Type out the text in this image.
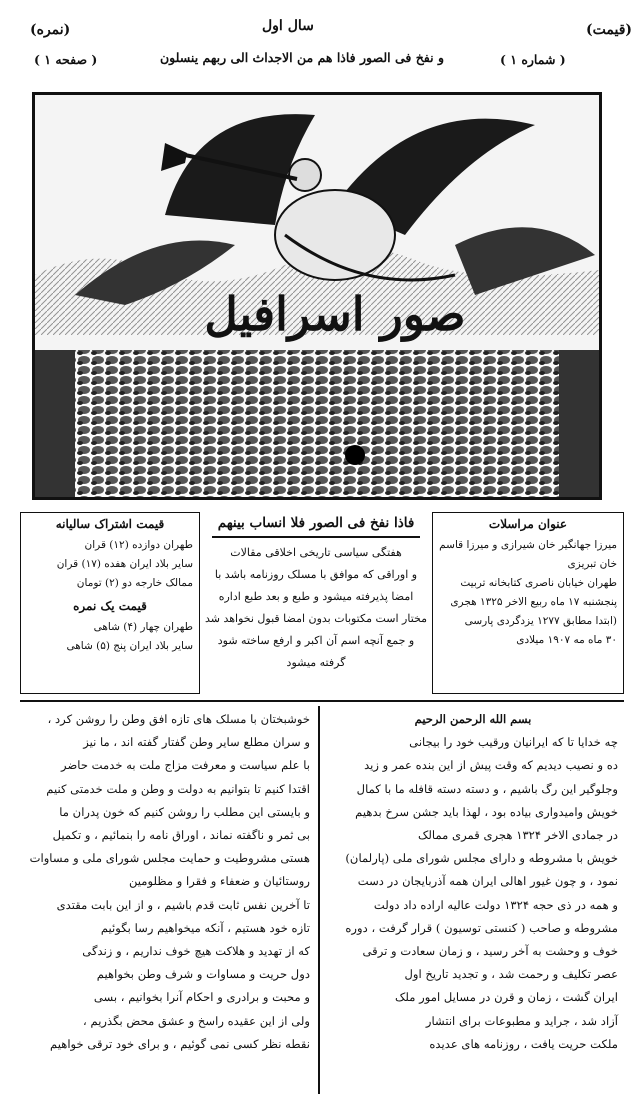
(قیمت)
سال اول
(نمره)
( شماره ۱ )
و نفخ فی الصور فاذا هم من الاجداث الی ربهم ینسلون
( صفحه ۱ )
صور اسرافیل
قیمت اشتراک سالیانه
طهران دوازده (۱۲) قران
سایر بلاد ایران هفده (۱۷) قران
ممالک خارجه دو (۲) تومان
قیمت یک نمره
طهران چهار (۴) شاهی
سایر بلاد ایران پنج (۵) شاهی
فاذا نفخ فی الصور فلا انساب بینهم
هفتگی سیاسی تاریخی اخلاقی مقالات
و اوراقی که موافق با مسلک روزنامه باشد با
امضا پذیرفته میشود و طبع و بعد طبع اداره
مختار است مکتوبات بدون امضا قبول نخواهد شد
و جمع آنچه اسم آن اکبر و ارفع ساخته شود گرفته میشود
عنوان مراسلات
میرزا جهانگیر خان شیرازی و میرزا قاسم
خان تبریزی
طهران خیابان ناصری کتابخانه تربیت
پنجشنبه ۱۷ ماه ربیع الاخر ۱۳۲۵ هجری
(ابتدا مطابق ۱۲۷۷ یزدگردی پارسی
۳۰ ماه مه ۱۹۰۷ میلادی
بسم الله الرحمن الرحیم

چه خدایا تا که ایرانیان ورقیب خود را بیجانی

ده و نصیب دیدیم که وقت پیش از این بنده عمر و زید

وجلوگیر این رگ باشیم ، و دسته دسته قافله ما با کمال

خویش وامیدواری بیاده بود ، لهذا باید جشن سرخ بدهیم

در جمادی الاخر ۱۳۲۴ هجری قمری ممالک

خویش با مشروطه و دارای مجلس شورای ملی (پارلمان)

نمود ، و چون غیور اهالی ایران همه آذربایجان در دست

و همه در ذی حجه ۱۳۲۴ دولت عالیه اراده داد دولت

مشروطه و صاحب ( کنستی توسیون ) قرار گرفت ، دوره

خوف و وحشت به آخر رسید ، و زمان سعادت و ترقی

عصر تکلیف و رحمت شد ، و تجدید تاریخ اول

ایران گشت ، زمان و قرن در مسایل امور ملک

آزاد شد ، جراید و مطبوعات برای انتشار

ملکت حریت یافت ، روزنامه های عدیده

خوشبختان با مسلک های تازه افق وطن را روشن کرد ،

و سران مطلع سایر وطن گفتار گفته اند ، ما نیز

با علم سیاست و معرفت مزاج ملت به خدمت حاضر

اقتدا کنیم تا بتوانیم به دولت و وطن و ملت خدمتی کنیم

و بایستی این مطلب را روشن کنیم که خون پدران ما

بی ثمر و ناگفته نماند ، اوراق نامه را بنمائیم ، و تکمیل

هستی مشروطیت و حمایت مجلس شورای ملی و مساوات

روستائیان و ضعفاء و فقرا و مظلومین

تا آخرین نفس ثابت قدم باشیم ، و از این بابت مقتدی

تازه خود هستیم ، آنکه میخواهیم رسا بگوئیم

که از تهدید و هلاکت هیچ خوف نداریم ، و زندگی

دول حریت و مساوات و شرف وطن بخواهیم

و محبت و برادری و احکام آنرا بخوانیم ، بسی

ولی از این عقیده راسخ و عشق محض بگذریم ،

نقطه نظر کسی نمی گوئیم ، و برای خود ترقی خواهیم
